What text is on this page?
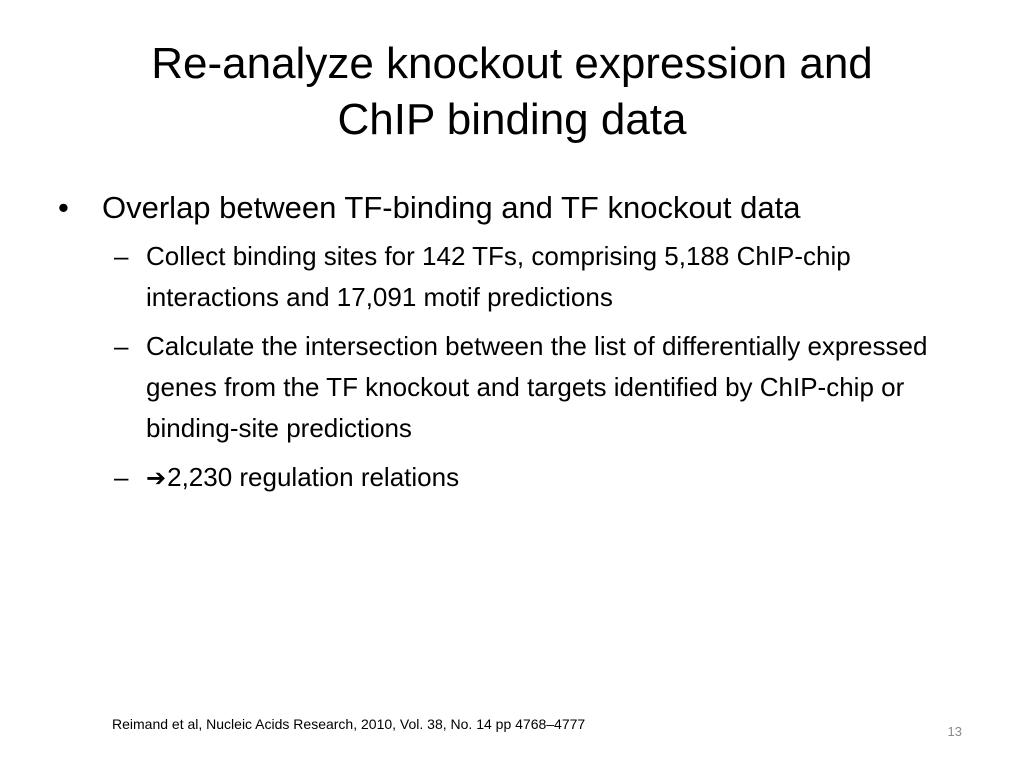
Re-analyze knockout expression and
ChIP binding data
• Overlap between TF-binding and TF knockout data
– Collect binding sites for 142 TFs, comprising 5,188 ChIP-chip interactions and 17,091 motif predictions
– Calculate the intersection between the list of differentially expressed genes from the TF knockout and targets identified by ChIP-chip or binding-site predictions
– ➔2,230 regulation relations
Reimand et al, Nucleic Acids Research, 2010, Vol. 38, No. 14 pp 4768–4777	13
